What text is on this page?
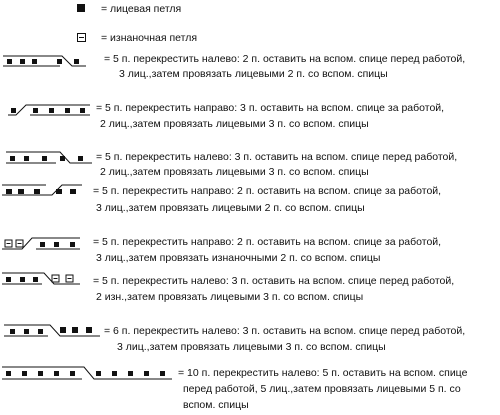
= лицевая петля
= изнаночная петля
= 5 п. перекрестить налево: 2 п. оставить на вспом. спице перед работой,
3 лиц.,затем провязать лицевыми 2 п. со вспом. спицы
= 5 п. перекрестить направо: 3 п. оставить на вспом. спице за работой,
2 лиц.,затем провязать лицевыми 3 п. со вспом. спицы
= 5 п. перекрестить налево: 3 п. оставить на вспом. спице перед работой,
2 лиц.,затем провязать лицевыми 3 п. со вспом. спицы
= 5 п. перекрестить направо: 2 п. оставить на вспом. спице за работой,
3 лиц.,затем провязать лицевыми 2 п. со вспом. спицы
= 5 п. перекрестить направо: 2 п. оставить на вспом. спице за работой,
3 лиц.,затем провязать изнаночными 2 п. со вспом. спицы
= 5 п. перекрестить налево: 3 п. оставить на вспом. спице перед работой,
2 изн.,затем провязать лицевыми 3 п. со вспом. спицы
= 6 п. перекрестить налево: 3 п. оставить на вспом. спице перед работой,
3 лиц.,затем провязать лицевыми 3 п. со вспом. спицы
= 10 п. перекрестить налево: 5 п. оставить на вспом. спице
перед работой, 5 лиц.,затем провязать лицевыми 5 п. со
вспом. спицы
